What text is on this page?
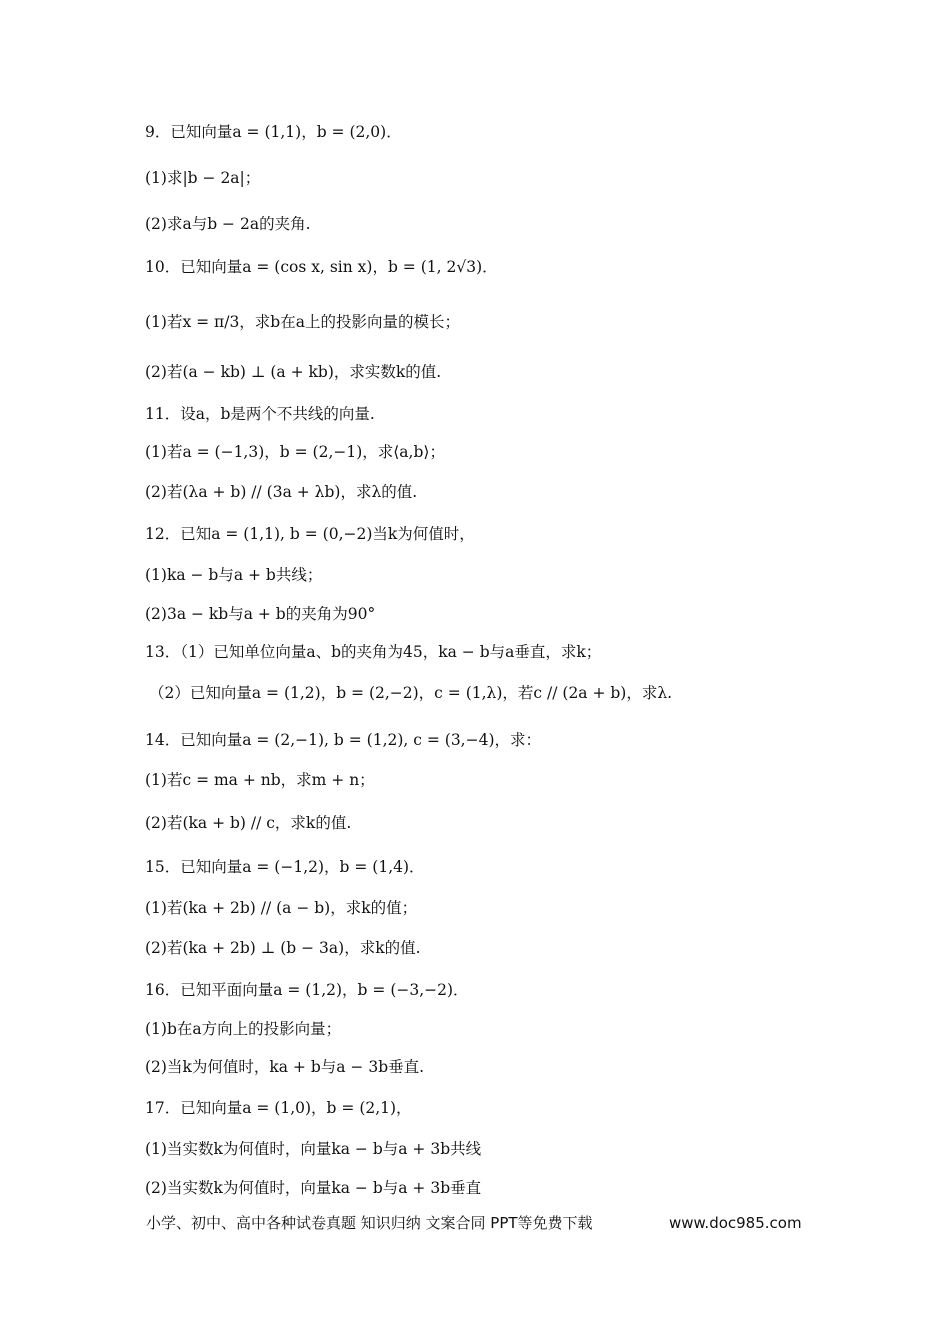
9．已知向量a = (1,1)，b = (2,0)．
(1)求|b − 2a|；
(2)求a与b − 2a的夹角.
10．已知向量a = (cos x, sin x)，b = (1, 2√3)．
(1)若x = π/3，求b在a上的投影向量的模长；
(2)若(a − kb) ⊥ (a + kb)，求实数k的值.
11．设a，b是两个不共线的向量.
(1)若a = (−1,3)，b = (2,−1)，求⟨a,b⟩；
(2)若(λa + b) // (3a + λb)，求λ的值.
12．已知a = (1,1), b = (0,−2)当k为何值时，
(1)ka − b与a + b共线；
(2)3a − kb与a + b的夹角为90°
13．（1）已知单位向量a、b的夹角为45，ka − b与a垂直，求k；
（2）已知向量a = (1,2)，b = (2,−2)，c = (1,λ)，若c // (2a + b)，求λ.
14．已知向量a = (2,−1), b = (1,2), c = (3,−4)，求：
(1)若c = ma + nb，求m + n；
(2)若(ka + b) // c，求k的值.
15．已知向量a = (−1,2)，b = (1,4)．
(1)若(ka + 2b) // (a − b)，求k的值；
(2)若(ka + 2b) ⊥ (b − 3a)，求k的值.
16．已知平面向量a = (1,2)，b = (−3,−2)．
(1)b在a方向上的投影向量；
(2)当k为何值时，ka + b与a − 3b垂直.
17．已知向量a = (1,0)，b = (2,1)，
(1)当实数k为何值时，向量ka − b与a + 3b共线
(2)当实数k为何值时，向量ka − b与a + 3b垂直
小学、初中、高中各种试卷真题 知识归纳 文案合同 PPT等免费下载	www.doc985.com
